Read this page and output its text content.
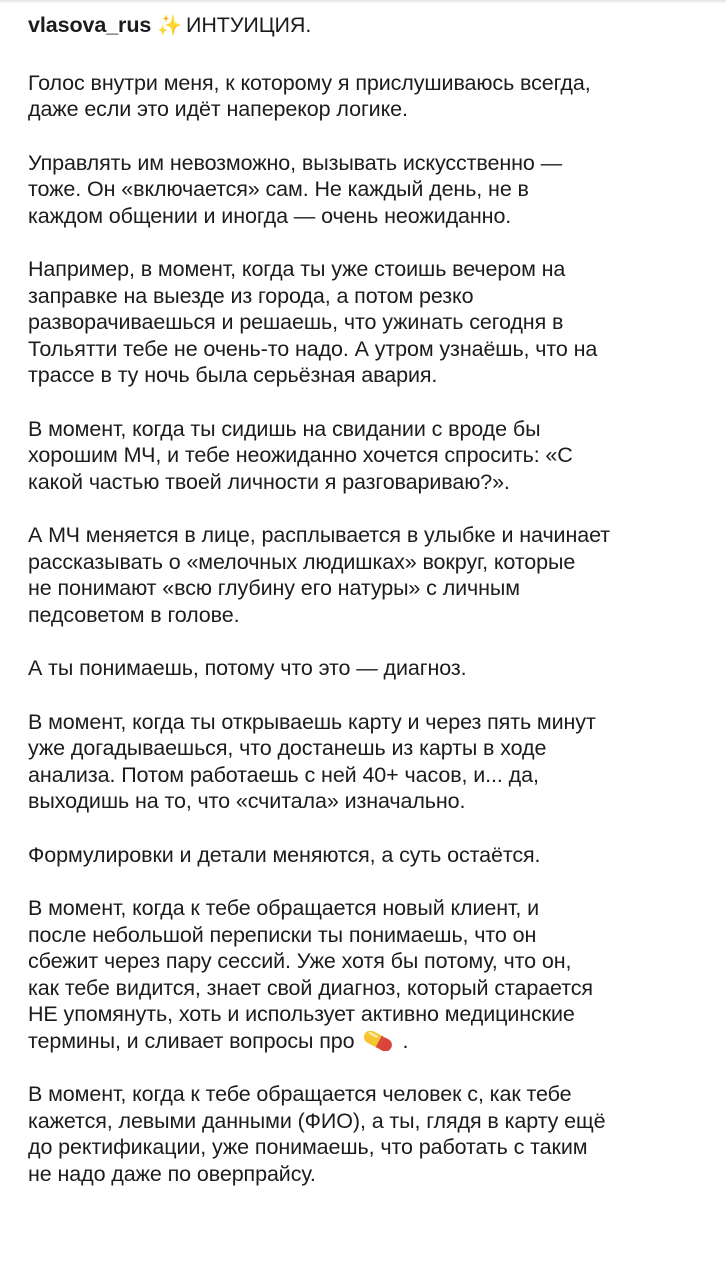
vlasova_rus ✨ ИНТУИЦИЯ.
Голос внутри меня, к которому я прислушиваюсь всегда,
даже если это идёт наперекор логике.
Управлять им невозможно, вызывать искусственно —
тоже. Он «включается» сам. Не каждый день, не в
каждом общении и иногда — очень неожиданно.
Например, в момент, когда ты уже стоишь вечером на
заправке на выезде из города, а потом резко
разворачиваешься и решаешь, что ужинать сегодня в
Тольятти тебе не очень-то надо. А утром узнаёшь, что на
трассе в ту ночь была серьёзная авария.
В момент, когда ты сидишь на свидании с вроде бы
хорошим МЧ, и тебе неожиданно хочется спросить: «С
какой частью твоей личности я разговариваю?».
А МЧ меняется в лице, расплывается в улыбке и начинает
рассказывать о «мелочных людишках» вокруг, которые
не понимают «всю глубину его натуры» с личным
педсоветом в голове.
А ты понимаешь, потому что это — диагноз.
В момент, когда ты открываешь карту и через пять минут
уже догадываешься, что достанешь из карты в ходе
анализа. Потом работаешь с ней 40+ часов, и... да,
выходишь на то, что «считала» изначально.
Формулировки и детали меняются, а суть остаётся.
В момент, когда к тебе обращается новый клиент, и
после небольшой переписки ты понимаешь, что он
сбежит через пару сессий. Уже хотя бы потому, что он,
как тебе видится, знает свой диагноз, который старается
НЕ упомянуть, хоть и использует активно медицинские
термины, и сливает вопросы про .
В момент, когда к тебе обращается человек с, как тебе
кажется, левыми данными (ФИО), а ты, глядя в карту ещё
до ректификации, уже понимаешь, что работать с таким
не надо даже по оверпрайсу.
